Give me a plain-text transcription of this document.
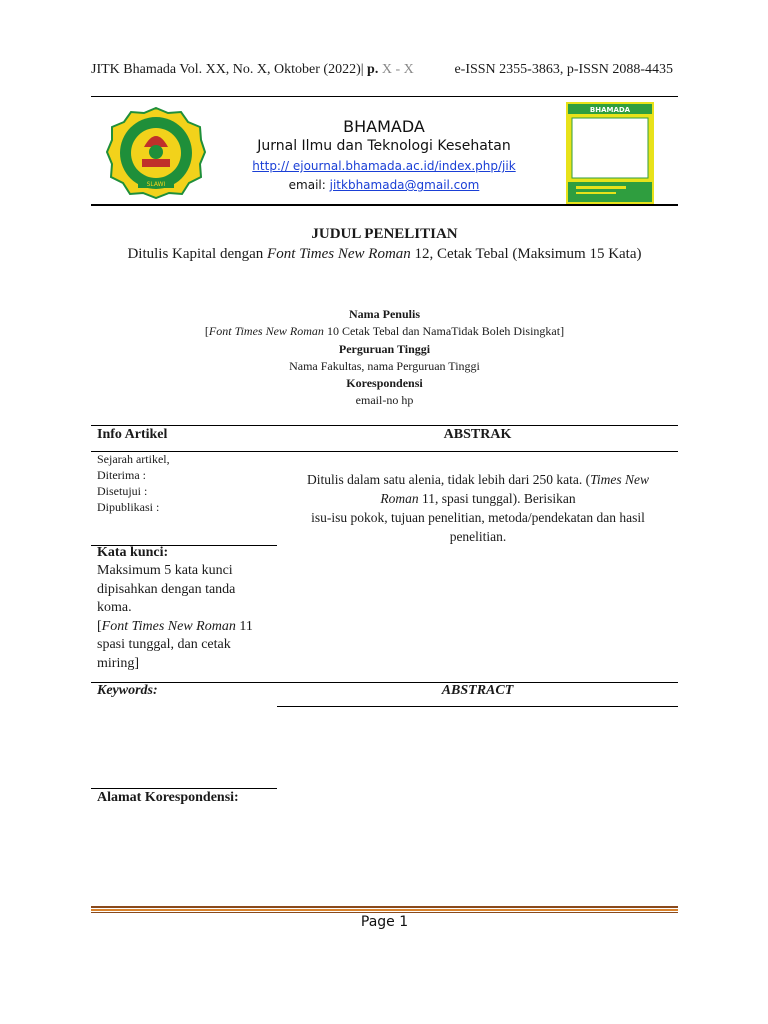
JITK Bhamada Vol. XX, No. X, Oktober (2022)| p. X - X	e-ISSN 2355-3863, p-ISSN 2088-4435
SLAWI
BHAMADA
Jurnal Ilmu dan Teknologi Kesehatan
http:// ejournal.bhamada.ac.id/index.php/jik
email: jitkbhamada@gmail.com
BHAMADA
JUDUL PENELITIAN
Ditulis Kapital dengan Font Times New Roman 12, Cetak Tebal (Maksimum 15 Kata)
Nama Penulis
[Font Times New Roman 10 Cetak Tebal dan NamaTidak Boleh Disingkat]
Perguruan Tinggi
Nama Fakultas, nama Perguruan Tinggi
Korespondensi
email-no hp
Info Artikel	ABSTRAK
Sejarah artikel,
Diterima :
Disetujui :
Dipublikasi :
Ditulis dalam satu alenia, tidak lebih dari 250 kata. (Times New Roman 11, spasi tunggal). Berisikan
isu-isu pokok, tujuan penelitian, metoda/pendekatan dan hasil penelitian.
Kata kunci:
Maksimum 5 kata kunci dipisahkan dengan tanda koma.
[Font Times New Roman 11 spasi tunggal, dan cetak miring]
Keywords:	ABSTRACT
Alamat Korespondensi:
Page 1
